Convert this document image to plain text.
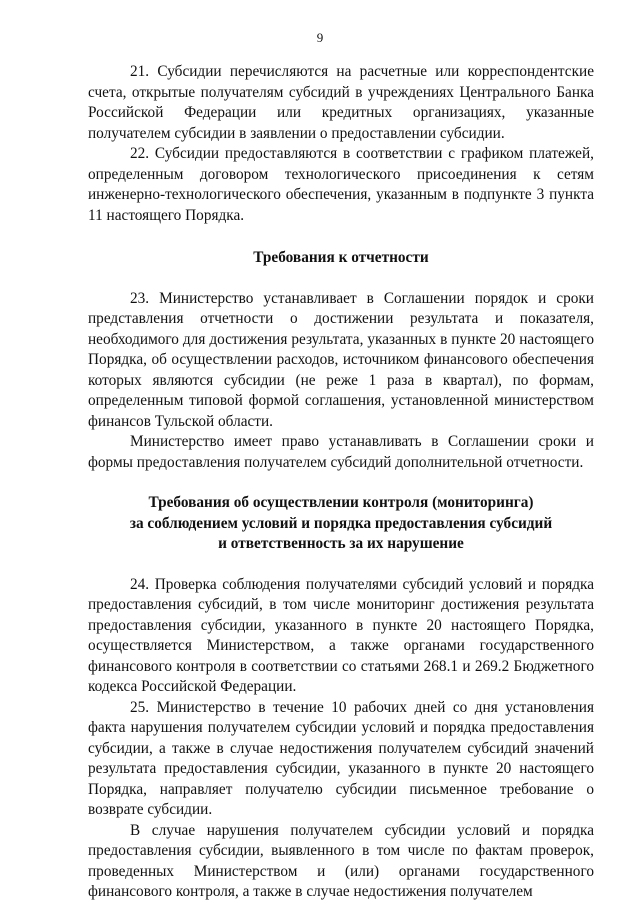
9

21. Субсидии перечисляются на расчетные или корреспондентские счета, открытые получателям субсидий в учреждениях Центрального Банка Российской Федерации или кредитных организациях, указанные получателем субсидии в заявлении о предоставлении субсидии.

22. Субсидии предоставляются в соответствии с графиком платежей, определенным договором технологического присоединения к сетям инженерно-технологического обеспечения, указанным в подпункте 3 пункта 11 настоящего Порядка.

Требования к отчетности

23. Министерство устанавливает в Соглашении порядок и сроки представления отчетности о достижении результата и показателя, необходимого для достижения результата, указанных в пункте 20 настоящего Порядка, об осуществлении расходов, источником финансового обеспечения которых являются субсидии (не реже 1 раза в квартал), по формам, определенным типовой формой соглашения, установленной министерством финансов Тульской области.

Министерство имеет право устанавливать в Соглашении сроки и формы предоставления получателем субсидий дополнительной отчетности.

Требования об осуществлении контроля (мониторинга)
за соблюдением условий и порядка предоставления субсидий
и ответственность за их нарушение

24. Проверка соблюдения получателями субсидий условий и порядка предоставления субсидий, в том числе мониторинг достижения результата предоставления субсидии, указанного в пункте 20 настоящего Порядка, осуществляется Министерством, а также органами государственного финансового контроля в соответствии со статьями 268.1 и 269.2 Бюджетного кодекса Российской Федерации.

25. Министерство в течение 10 рабочих дней со дня установления факта нарушения получателем субсидии условий и порядка предоставления субсидии, а также в случае недостижения получателем субсидий значений результата предоставления субсидии, указанного в пункте 20 настоящего Порядка, направляет получателю субсидии письменное требование о возврате субсидии.

В случае нарушения получателем субсидии условий и порядка предоставления субсидии, выявленного в том числе по фактам проверок, проведенных Министерством и (или) органами государственного финансового контроля, а также в случае недостижения получателем
